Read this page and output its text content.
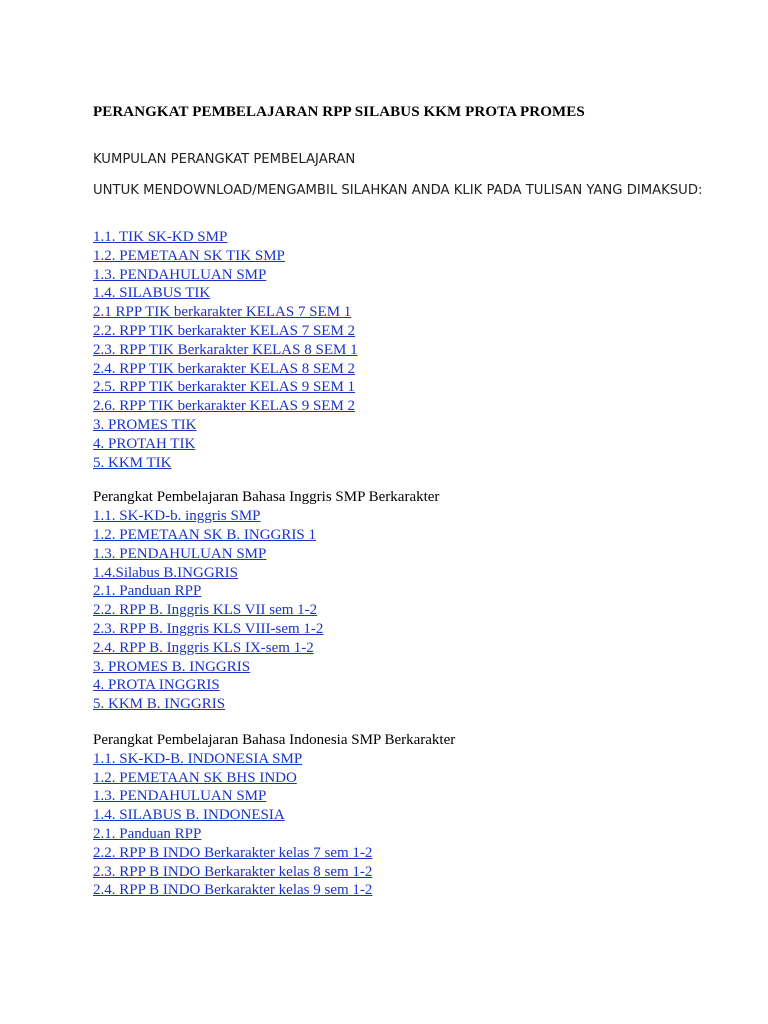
PERANGKAT PEMBELAJARAN RPP SILABUS KKM PROTA PROMES

KUMPULAN PERANGKAT PEMBELAJARAN

UNTUK MENDOWNLOAD/MENGAMBIL SILAHKAN ANDA KLIK PADA TULISAN YANG DIMAKSUD:

1.1. TIK SK-KD SMP
1.2. PEMETAAN SK TIK SMP
1.3. PENDAHULUAN SMP
1.4. SILABUS TIK
2.1 RPP TIK berkarakter KELAS 7 SEM 1
2.2. RPP TIK berkarakter KELAS 7 SEM 2
2.3. RPP TIK Berkarakter KELAS 8 SEM 1
2.4. RPP TIK berkarakter KELAS 8 SEM 2
2.5. RPP TIK berkarakter KELAS 9 SEM 1
2.6. RPP TIK berkarakter KELAS 9 SEM 2
3. PROMES TIK
4. PROTAH TIK
5. KKM TIK

Perangkat Pembelajaran Bahasa Inggris SMP Berkarakter

1.1. SK-KD-b. inggris SMP
1.2. PEMETAAN SK B. INGGRIS 1
1.3. PENDAHULUAN SMP
1.4.Silabus B.INGGRIS
2.1. Panduan RPP
2.2. RPP B. Inggris KLS VII sem 1-2
2.3. RPP B. Inggris KLS VIII-sem 1-2
2.4. RPP B. Inggris KLS IX-sem 1-2
3. PROMES B. INGGRIS
4. PROTA INGGRIS
5. KKM B. INGGRIS

Perangkat Pembelajaran Bahasa Indonesia SMP Berkarakter

1.1. SK-KD-B. INDONESIA SMP
1.2. PEMETAAN SK BHS INDO
1.3. PENDAHULUAN SMP
1.4. SILABUS B. INDONESIA
2.1. Panduan RPP
2.2. RPP B INDO Berkarakter kelas 7 sem 1-2
2.3. RPP B INDO Berkarakter kelas 8 sem 1-2
2.4. RPP B INDO Berkarakter kelas 9 sem 1-2
